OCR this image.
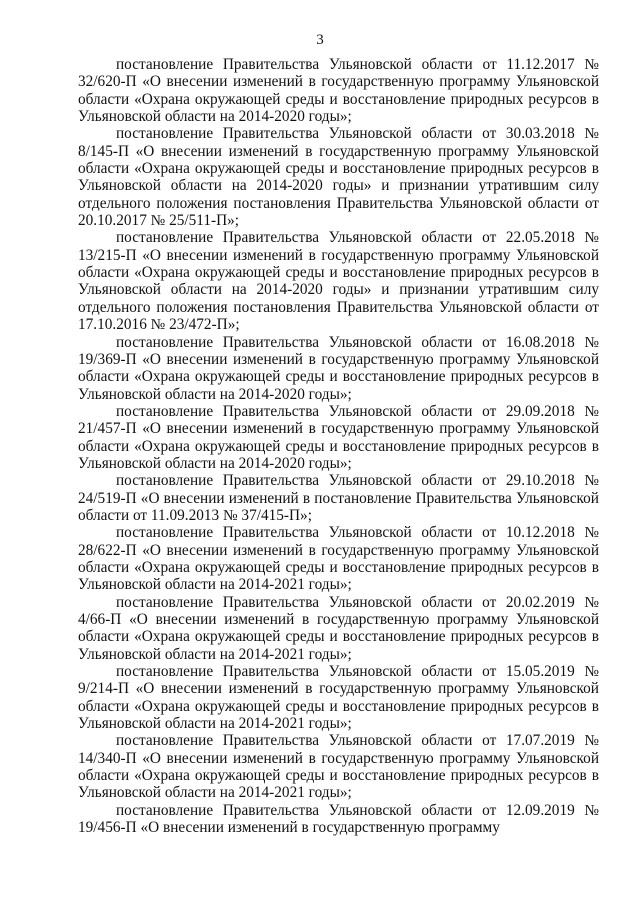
3

постановление Правительства Ульяновской области от 11.12.2017 № 32/620-П «О внесении изменений в государственную программу Ульяновской области «Охрана окружающей среды и восстановление природных ресурсов в Ульяновской области на 2014-2020 годы»;

постановление Правительства Ульяновской области от 30.03.2018 № 8/145-П «О внесении изменений в государственную программу Ульяновской области «Охрана окружающей среды и восстановление природных ресурсов в Ульяновской области на 2014-2020 годы» и признании утратившим силу отдельного положения постановления Правительства Ульяновской области от 20.10.2017 № 25/511-П»;

постановление Правительства Ульяновской области от 22.05.2018 № 13/215-П «О внесении изменений в государственную программу Ульяновской области «Охрана окружающей среды и восстановление природных ресурсов в Ульяновской области на 2014-2020 годы» и признании утратившим силу отдельного положения постановления Правительства Ульяновской области от 17.10.2016 № 23/472-П»;

постановление Правительства Ульяновской области от 16.08.2018 № 19/369-П «О внесении изменений в государственную программу Ульяновской области «Охрана окружающей среды и восстановление природных ресурсов в Ульяновской области на 2014-2020 годы»;

постановление Правительства Ульяновской области от 29.09.2018 № 21/457-П «О внесении изменений в государственную программу Ульяновской области «Охрана окружающей среды и восстановление природных ресурсов в Ульяновской области на 2014-2020 годы»;

постановление Правительства Ульяновской области от 29.10.2018 № 24/519-П «О внесении изменений в постановление Правительства Ульяновской области от 11.09.2013 № 37/415-П»;

постановление Правительства Ульяновской области от 10.12.2018 № 28/622-П «О внесении изменений в государственную программу Ульяновской области «Охрана окружающей среды и восстановление природных ресурсов в Ульяновской области на 2014-2021 годы»;

постановление Правительства Ульяновской области от 20.02.2019 № 4/66-П «О внесении изменений в государственную программу Ульяновской области «Охрана окружающей среды и восстановление природных ресурсов в Ульяновской области на 2014-2021 годы»;

постановление Правительства Ульяновской области от 15.05.2019 № 9/214-П «О внесении изменений в государственную программу Ульяновской области «Охрана окружающей среды и восстановление природных ресурсов в Ульяновской области на 2014-2021 годы»;

постановление Правительства Ульяновской области от 17.07.2019 № 14/340-П «О внесении изменений в государственную программу Ульяновской области «Охрана окружающей среды и восстановление природных ресурсов в Ульяновской области на 2014-2021 годы»;

постановление Правительства Ульяновской области от 12.09.2019 № 19/456-П «О внесении изменений в государственную программу
